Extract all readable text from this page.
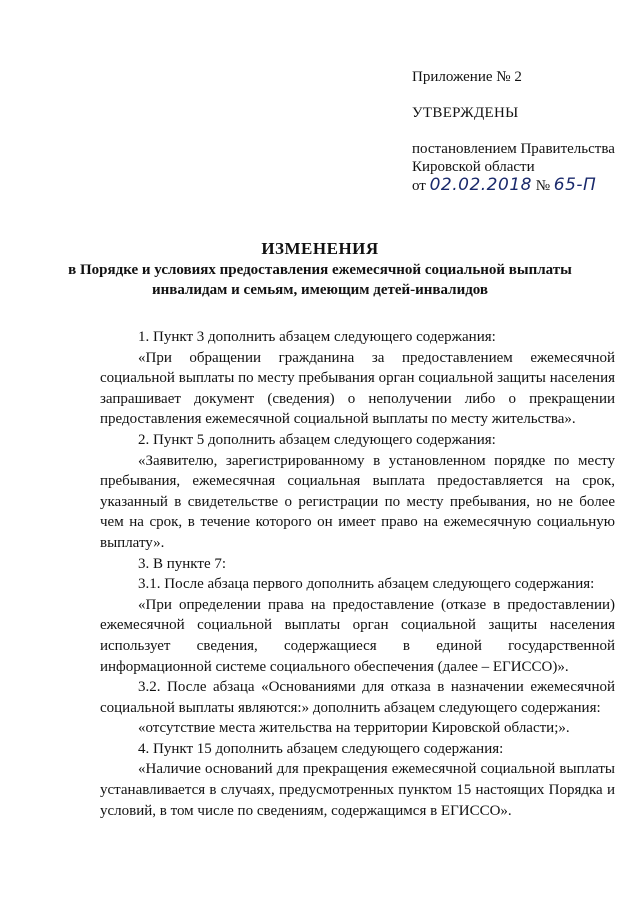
Приложение № 2
УТВЕРЖДЕНЫ
постановлением Правительства
Кировской области
от 02.02.2018 № 65-П
ИЗМЕНЕНИЯ
в Порядке и условиях предоставления ежемесячной социальной выплаты
инвалидам и семьям, имеющим детей-инвалидов

1. Пункт 3 дополнить абзацем следующего содержания:

«При обращении гражданина за предоставлением ежемесячной социальной выплаты по месту пребывания орган социальной защиты населения запрашивает документ (сведения) о неполучении либо о прекращении предоставления ежемесячной социальной выплаты по месту жительства».

2. Пункт 5 дополнить абзацем следующего содержания:

«Заявителю, зарегистрированному в установленном порядке по месту пребывания, ежемесячная социальная выплата предоставляется на срок, указанный в свидетельстве о регистрации по месту пребывания, но не более чем на срок, в течение которого он имеет право на ежемесячную социальную выплату».

3. В пункте 7:

3.1. После абзаца первого дополнить абзацем следующего содержания:

«При определении права на предоставление (отказе в предоставлении) ежемесячной социальной выплаты орган социальной защиты населения использует сведения, содержащиеся в единой государственной информационной системе социального обеспечения (далее – ЕГИССО)».

3.2. После абзаца «Основаниями для отказа в назначении ежемесячной социальной выплаты являются:» дополнить абзацем следующего содержания:

«отсутствие места жительства на территории Кировской области;».

4. Пункт 15 дополнить абзацем следующего содержания:

«Наличие оснований для прекращения ежемесячной социальной выплаты устанавливается в случаях, предусмотренных пунктом 15 настоящих Порядка и условий, в том числе по сведениям, содержащимся в ЕГИССО».
